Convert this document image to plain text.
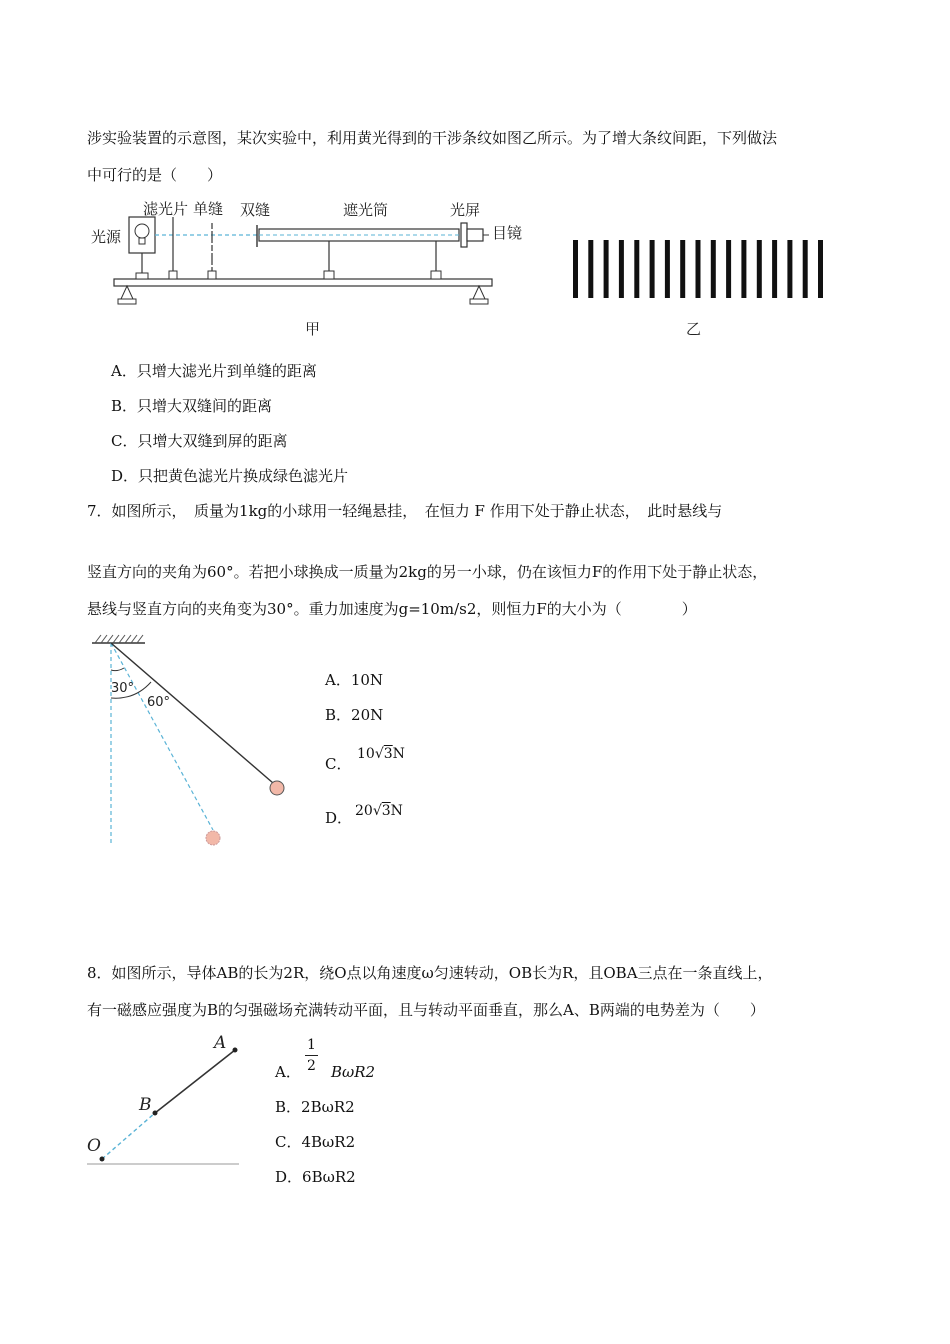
涉实验装置的示意图，某次实验中，利用黄光得到的干涉条纹如图乙所示。为了增大条纹间距，下列做法
中可行的是（　　）
光源
滤光片 单缝 双缝	遮光筒	光屏
目镜
甲	乙
A．只增大滤光片到单缝的距离
B．只增大双缝间的距离
C．只增大双缝到屏的距离
D．只把黄色滤光片换成绿色滤光片
7．如图所示，　质量为1kg的小球用一轻绳悬挂，　在恒力 F 作用下处于静止状态，　此时悬线与
竖直方向的夹角为60°。若把小球换成一质量为2kg的另一小球，仍在该恒力F的作用下处于静止状态，
悬线与竖直方向的夹角变为30°。重力加速度为g=10m/s2，则恒力F的大小为（　　　　）
30°
60°
A．10N
B．20N
C．
10√3N
D． 20√3N
8．如图所示，导体AB的长为2R，绕O点以角速度ω匀速转动，OB长为R，且OBA三点在一条直线上，
有一磁感应强度为B的匀强磁场充满转动平面，且与转动平面垂直，那么A、B两端的电势差为（　　）
A
B
O
A．
1
2 BωR2
B．2BωR2
C．4BωR2
D．6BωR2
